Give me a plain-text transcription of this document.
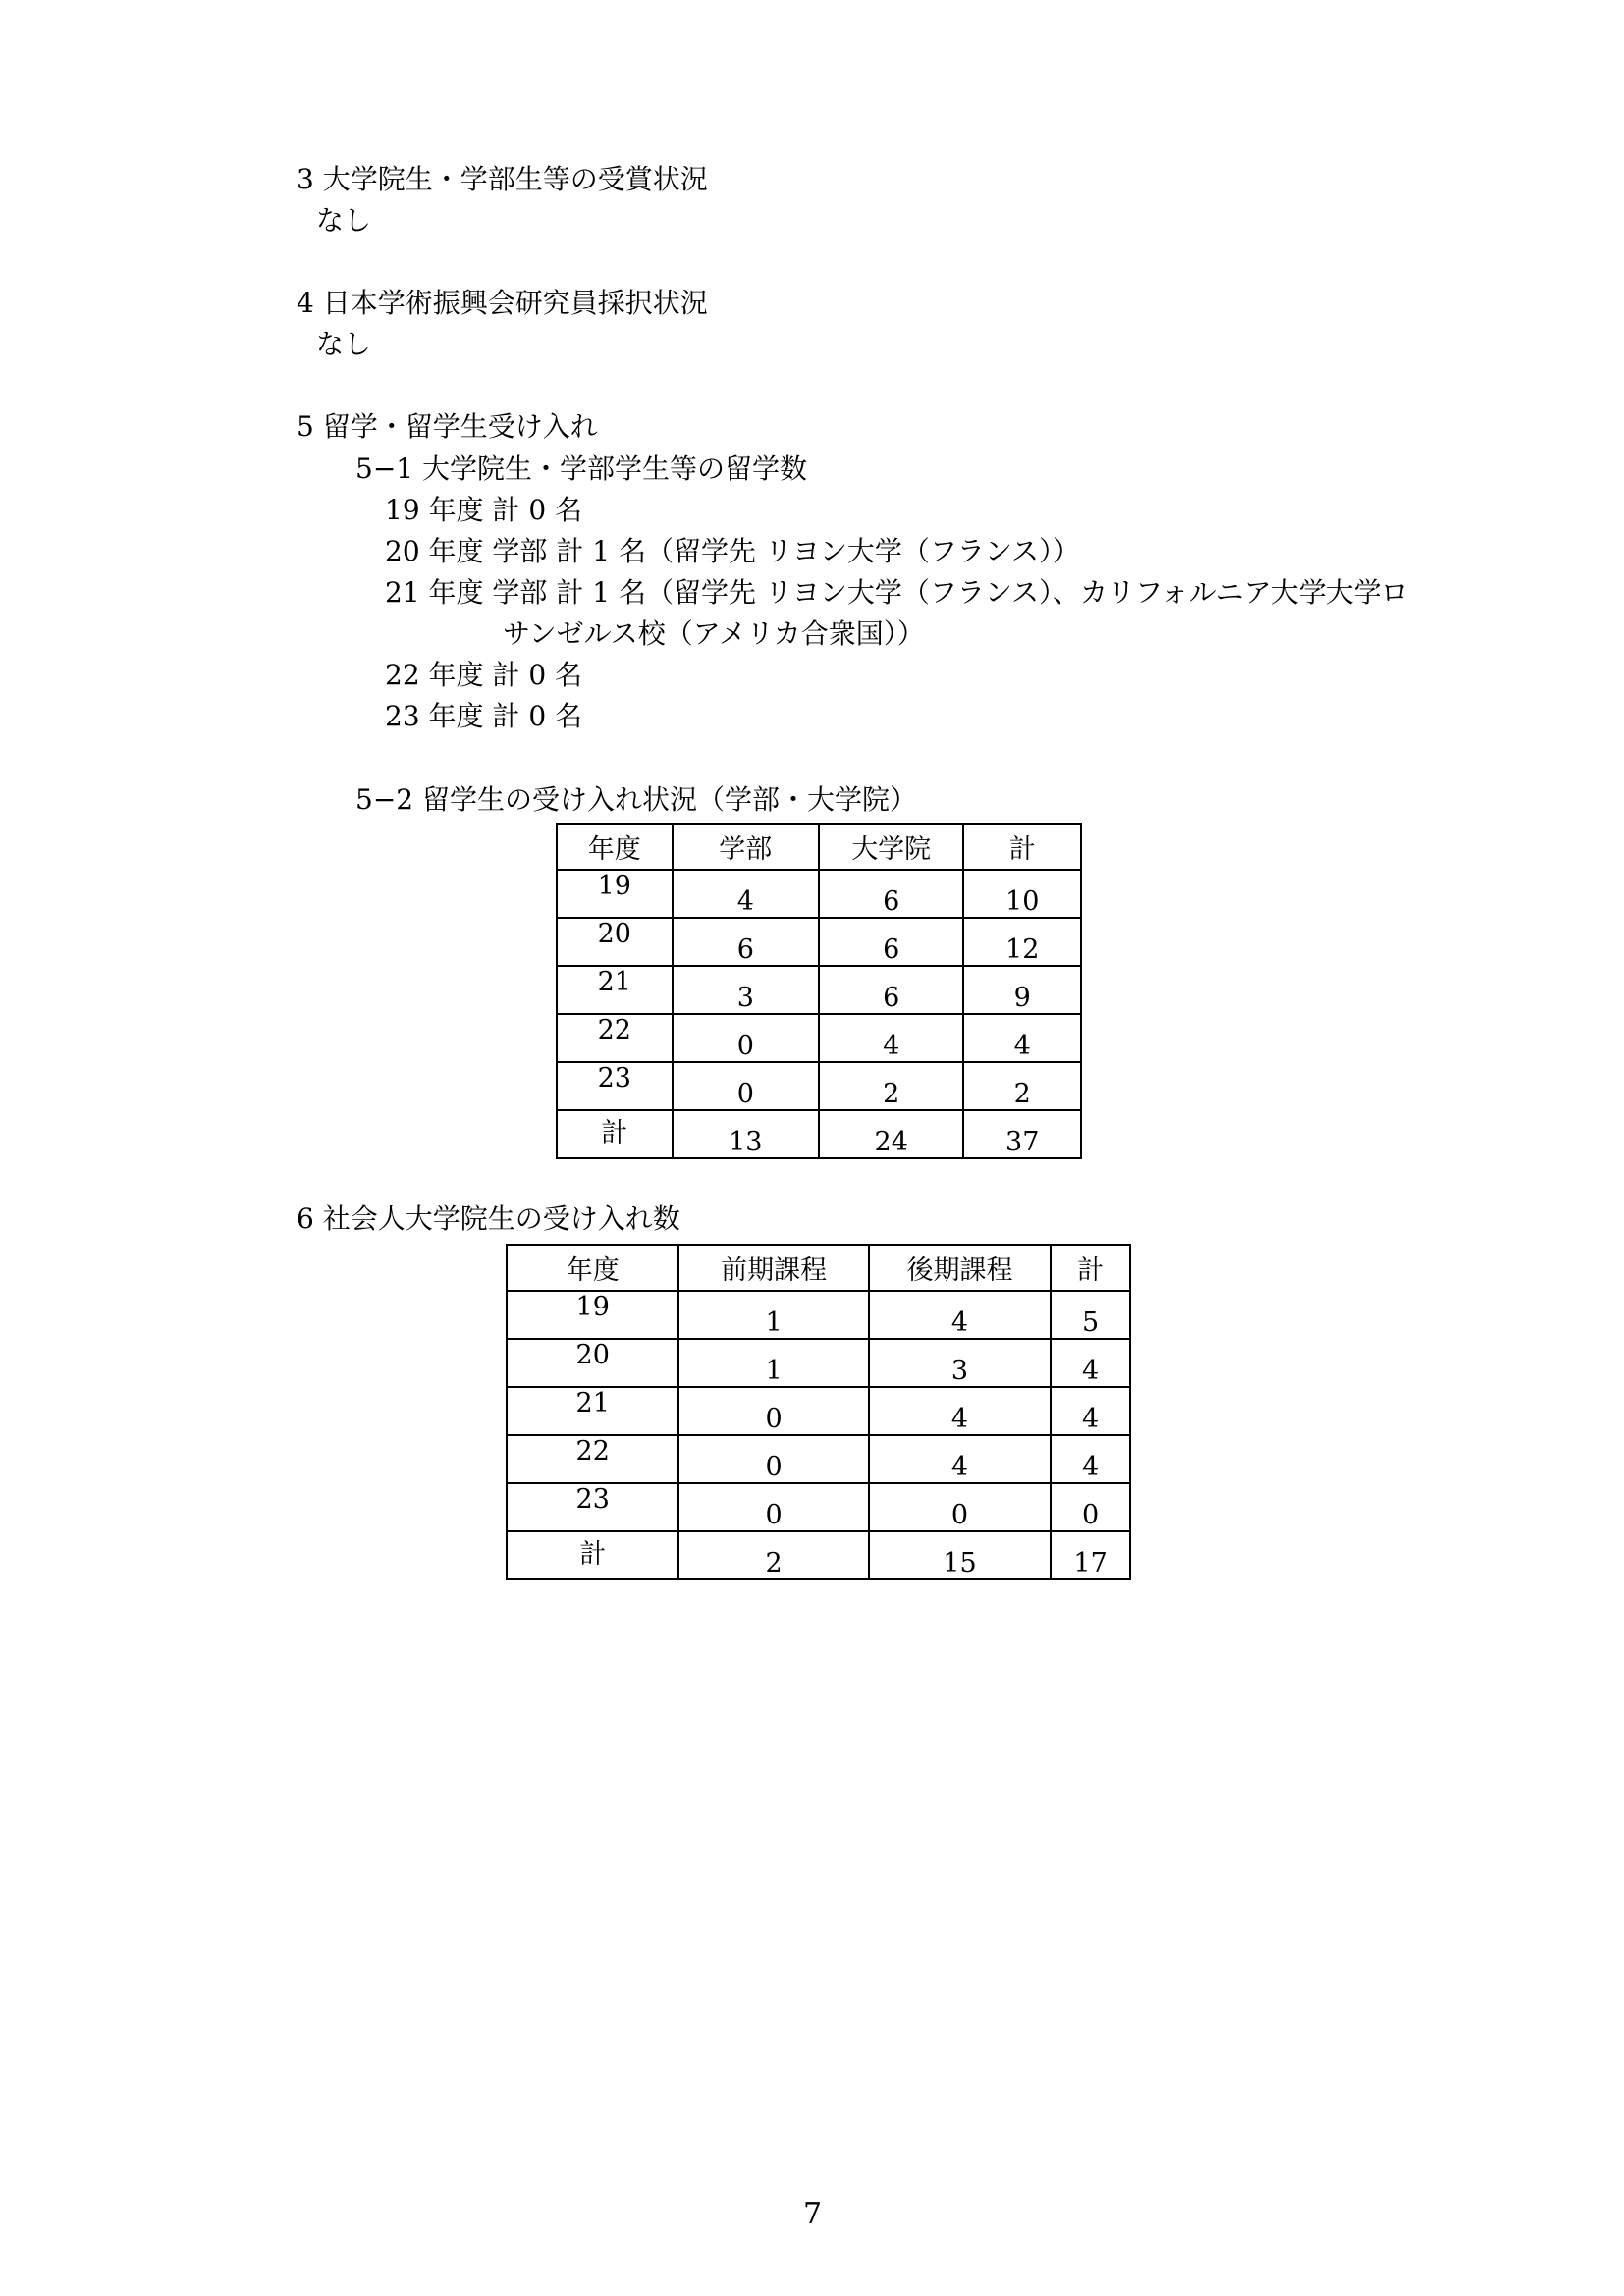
3 大学院生・学部生等の受賞状況
なし
4 日本学術振興会研究員採択状況
なし
5 留学・留学生受け入れ
5−1 大学院生・学部学生等の留学数
19 年度 計 0 名
20 年度 学部 計 1 名（留学先 リヨン大学（フランス））
21 年度 学部 計 1 名（留学先 リヨン大学（フランス）、カリフォルニア大学大学ロ
サンゼルス校（アメリカ合衆国））
22 年度 計 0 名
23 年度 計 0 名
5−2 留学生の受け入れ状況（学部・大学院）
年度	学部	大学院	計
19	4	6	10
20	6	6	12
21	3	6	9
22	0	4	4
23	0	2	2
計	13	24	37
6 社会人大学院生の受け入れ数
年度	前期課程	後期課程	計
19	1	4	5
20	1	3	4
21	0	4	4
22	0	4	4
23	0	0	0
計	2	15	17
7
